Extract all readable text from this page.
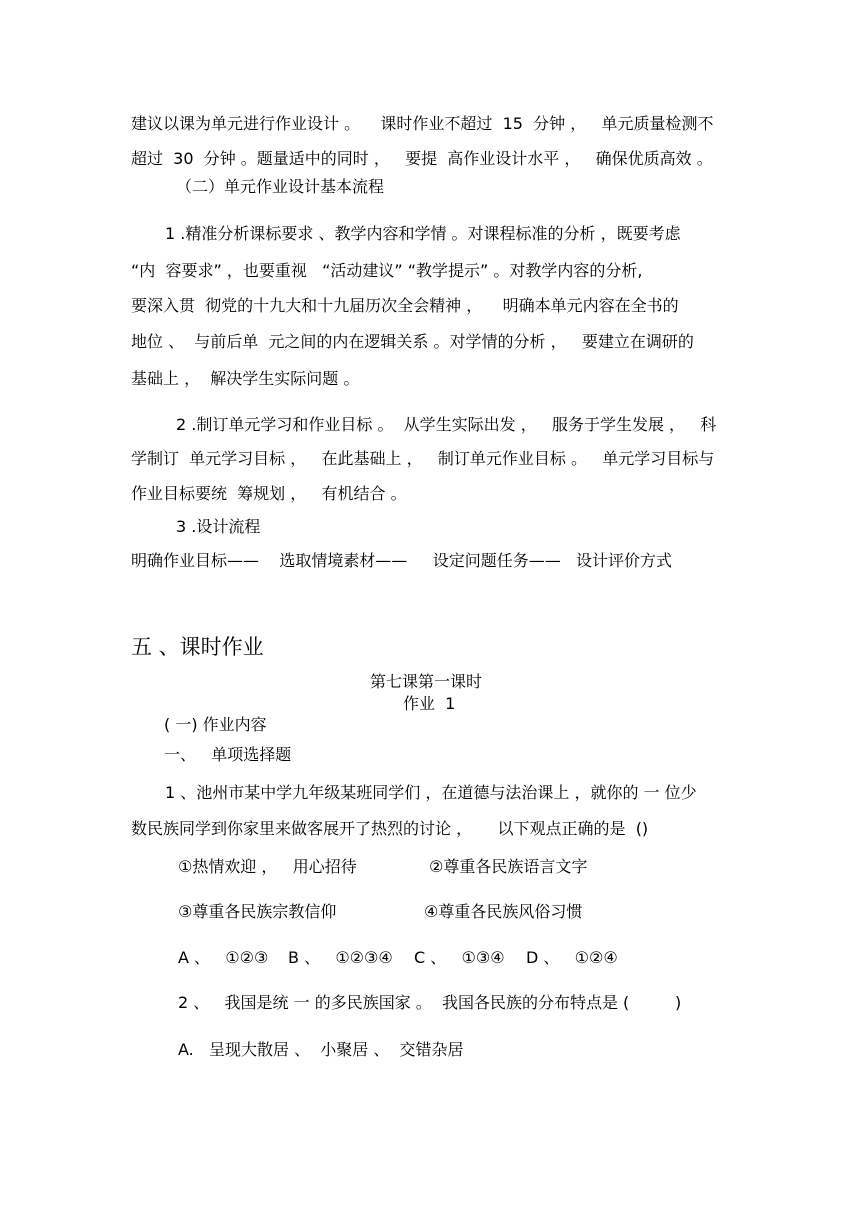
建议以课为单元进行作业设计 。    课时作业不超过  15  分钟 ，   单元质量检测不
超过  30  分钟 。题量适中的同时 ，   要提  高作业设计水平 ，   确保优质高效 。
（二）单元作业设计基本流程
1 .精准分析课标要求 、教学内容和学情 。对课程标准的分析 ，既要考虑
“内  容要求” ，也要重视   “活动建议” “教学提示” 。对教学内容的分析,
要深入贯  彻党的十九大和十九届历次全会精神 ，    明确本单元内容在全书的
地位 、  与前后单  元之间的内在逻辑关系 。对学情的分析 ，   要建立在调研的
基础上 ，  解决学生实际问题 。
2 .制订单元学习和作业目标 。  从学生实际出发 ，   服务于学生发展 ，   科
学制订  单元学习目标 ，   在此基础上 ，   制订单元作业目标 。   单元学习目标与
作业目标要统  筹规划 ，   有机结合 。
3 .设计流程
明确作业目标——    选取情境素材——     设定问题任务——   设计评价方式
五 、课时作业
第七课第一课时
作业  1
( 一) 作业内容
一、   单项选择题
1 、池州市某中学九年级某班同学们 ，在道德与法治课上 ，就你的 一 位少
数民族同学到你家里来做客展开了热烈的讨论 ，     以下观点正确的是  ()
①热情欢迎 ，   用心招待	②尊重各民族语言文字
③尊重各民族宗教信仰	④尊重各民族风俗习惯
A 、   ①②③ B 、   ①②③④ C 、   ①③④ D 、   ①②④
2 、   我国是统 一 的多民族国家 。  我国各民族的分布特点是 (         )
A.   呈现大散居 、  小聚居 、  交错杂居
